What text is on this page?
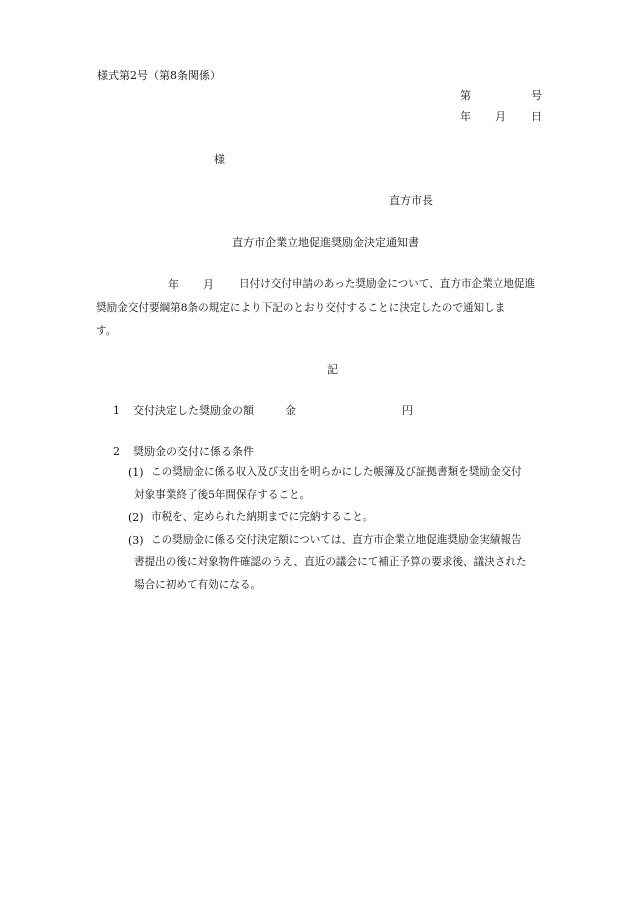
様式第2号（第8条関係）
第	号
年 月 日
様
直方市長
直方市企業立地促進奨励金決定通知書
年 月 日付け交付申請のあった奨励金について、直方市企業立地促進
奨励金交付要綱第8条の規定により下記のとおり交付することに決定したので通知しま
す。
記
1 交付決定した奨励金の額	金	円
2 奨励金の交付に係る条件
(1) この奨励金に係る収入及び支出を明らかにした帳簿及び証拠書類を奨励金交付
対象事業終了後5年間保存すること。
(2) 市税を、定められた納期までに完納すること。
(3) この奨励金に係る交付決定額については、直方市企業立地促進奨励金実績報告
書提出の後に対象物件確認のうえ、直近の議会にて補正予算の要求後、議決された
場合に初めて有効になる。
